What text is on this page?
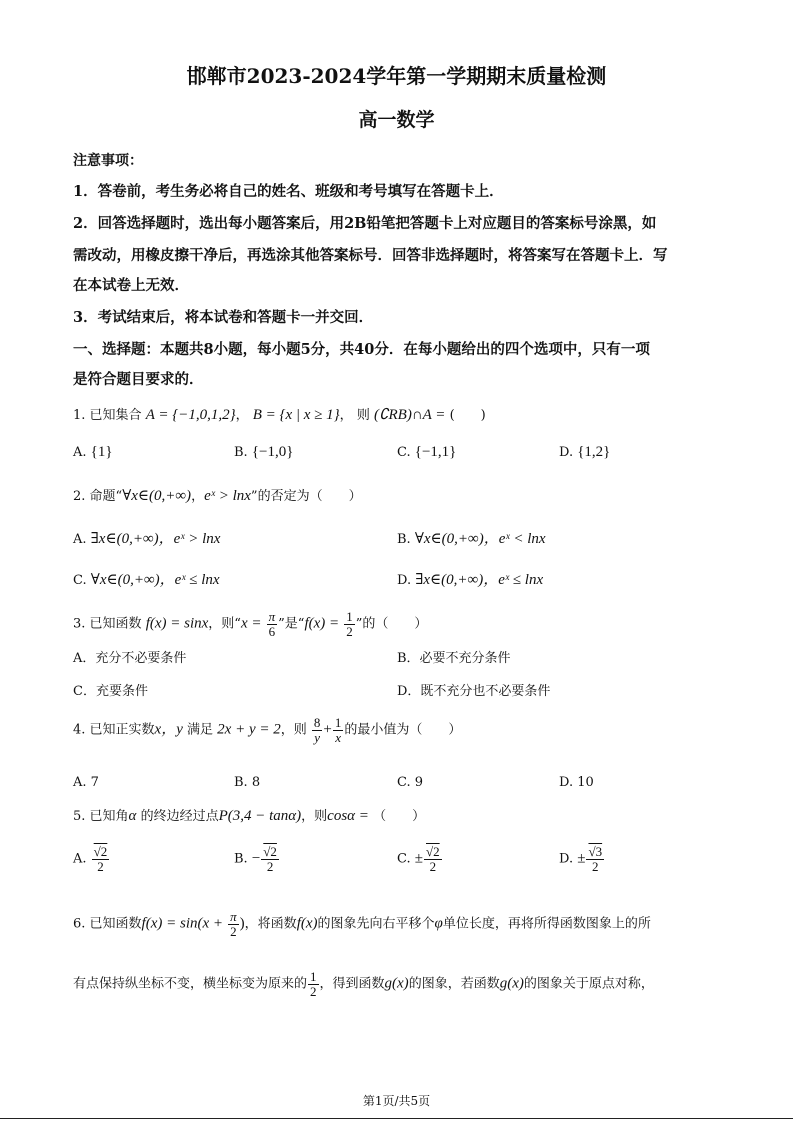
邯郸市2023-2024学年第一学期期末质量检测
高一数学
注意事项：
1．答卷前，考生务必将自己的姓名、班级和考号填写在答题卡上．
2．回答选择题时，选出每小题答案后，用2B铅笔把答题卡上对应题目的答案标号涂黑，如
需改动，用橡皮擦干净后，再选涂其他答案标号．回答非选择题时，将答案写在答题卡上．写
在本试卷上无效．
3．考试结束后，将本试卷和答题卡一并交回．
一、选择题：本题共8小题，每小题5分，共40分．在每小题给出的四个选项中，只有一项
是符合题目要求的．
1. 已知集合 A = {−1,0,1,2}， B = {x | x ≥ 1}， 则 (∁RB)∩A = (　　)
A. {1}	B. {−1,0}	C. {−1,1}	D. {1,2}
2. 命题“∀x∈(0,+∞)，eˣ > lnx”的否定为（　　）
A. ∃x∈(0,+∞)，eˣ > lnx	B. ∀x∈(0,+∞)，eˣ < lnx
C. ∀x∈(0,+∞)，eˣ ≤ lnx	D. ∃x∈(0,+∞)，eˣ ≤ lnx
3. 已知函数 f(x) = sinx，则“$x = \frac{\pi}{6}$ ”是“$f(x) = \frac{1}{2}$ ”的（　　）
A．充分不必要条件	B．必要不充分条件
C．充要条件	D．既不充分也不必要条件
4. 已知正实数x，y 满足 2x + y = 2，则 $\frac{8}{y} + \frac{1}{x}$ 的最小值为（　　）
A. 7	B. 8	C. 9	D. 10
5. 已知角α 的终边经过点P(3,4 − tanα)，则cosα = （　　）
A. $\frac{√2}{2}$	B. − $\frac{√2}{2}$	C. ± $\frac{√2}{2}$	D. ± $\frac{√3}{2}$
6. 已知函数$f(x) = \sin(x + \frac{\pi}{2}$ )，将函数f(x)的图象先向右平移个φ单位长度，再将所得函数图象上的所
有点保持纵坐标不变，横坐标变为原来的 $\frac{1}{2}$ ，得到函数g(x)的图象，若函数g(x)的图象关于原点对称，
第1页/共5页
